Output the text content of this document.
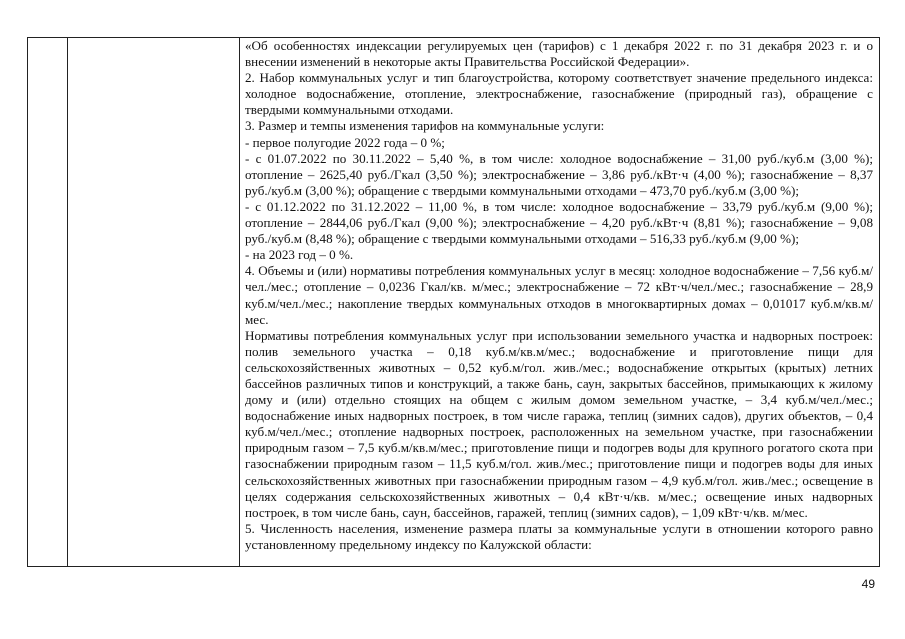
«Об особенностях индексации регулируемых цен (тарифов) с 1 декабря 2022 г. по 31 декабря 2023 г. и о внесении изменений в некоторые акты Правительства Российской Федерации».

2. Набор коммунальных услуг и тип благоустройства, которому соответствует значение предельного индекса: холодное водоснабжение, отопление, электроснабжение, газоснабжение (природный газ), обращение с твердыми коммунальными отходами.

3. Размер и темпы изменения тарифов на коммунальные услуги:

- первое полугодие 2022 года – 0 %;

- с 01.07.2022 по 30.11.2022 – 5,40 %, в том числе: холодное водоснабжение – 31,00 руб./куб.м (3,00 %); отопление – 2625,40 руб./Гкал (3,50 %); электроснабжение – 3,86 руб./кВт·ч (4,00 %); газоснабжение – 8,37 руб./куб.м (3,00 %); обращение с твердыми коммунальными отходами – 473,70 руб./куб.м (3,00 %);

- с 01.12.2022 по 31.12.2022 – 11,00 %, в том числе: холодное водоснабжение – 33,79 руб./куб.м (9,00 %); отопление – 2844,06 руб./Гкал (9,00 %); электроснабжение – 4,20 руб./кВт·ч (8,81 %); газоснабжение – 9,08 руб./куб.м (8,48 %); обращение с твердыми коммунальными отходами – 516,33 руб./куб.м (9,00 %);

- на 2023 год – 0 %.

4. Объемы и (или) нормативы потребления коммунальных услуг в месяц: холодное водоснабжение – 7,56 куб.м/чел./мес.; отопление – 0,0236 Гкал/кв. м/мес.; электроснабжение – 72 кВт·ч/чел./мес.; газоснабжение – 28,9 куб.м/чел./мес.; накопление твердых коммунальных отходов в многоквартирных домах – 0,01017 куб.м/кв.м/мес.

Нормативы потребления коммунальных услуг при использовании земельного участка и надворных построек: полив земельного участка – 0,18 куб.м/кв.м/мес.; водоснабжение и приготовление пищи для сельскохозяйственных животных – 0,52 куб.м/гол. жив./мес.; водоснабжение открытых (крытых) летних бассейнов различных типов и конструкций, а также бань, саун, закрытых бассейнов, примыкающих к жилому дому и (или) отдельно стоящих на общем с жилым домом земельном участке, – 3,4 куб.м/чел./мес.; водоснабжение иных надворных построек, в том числе гаража, теплиц (зимних садов), других объектов, – 0,4 куб.м/чел./мес.; отопление надворных построек, расположенных на земельном участке, при газоснабжении природным газом – 7,5 куб.м/кв.м/мес.; приготовление пищи и подогрев воды для крупного рогатого скота при газоснабжении природным газом – 11,5 куб.м/гол. жив./мес.; приготовление пищи и подогрев воды для иных сельскохозяйственных животных при газоснабжении природным газом – 4,9 куб.м/гол. жив./мес.; освещение в целях содержания сельскохозяйственных животных – 0,4 кВт·ч/кв. м/мес.; освещение иных надворных построек, в том числе бань, саун, бассейнов, гаражей, теплиц (зимних садов), – 1,09 кВт·ч/кв. м/мес.

5. Численность населения, изменение размера платы за коммунальные услуги в отношении которого равно установленному предельному индексу по Калужской области:

49
